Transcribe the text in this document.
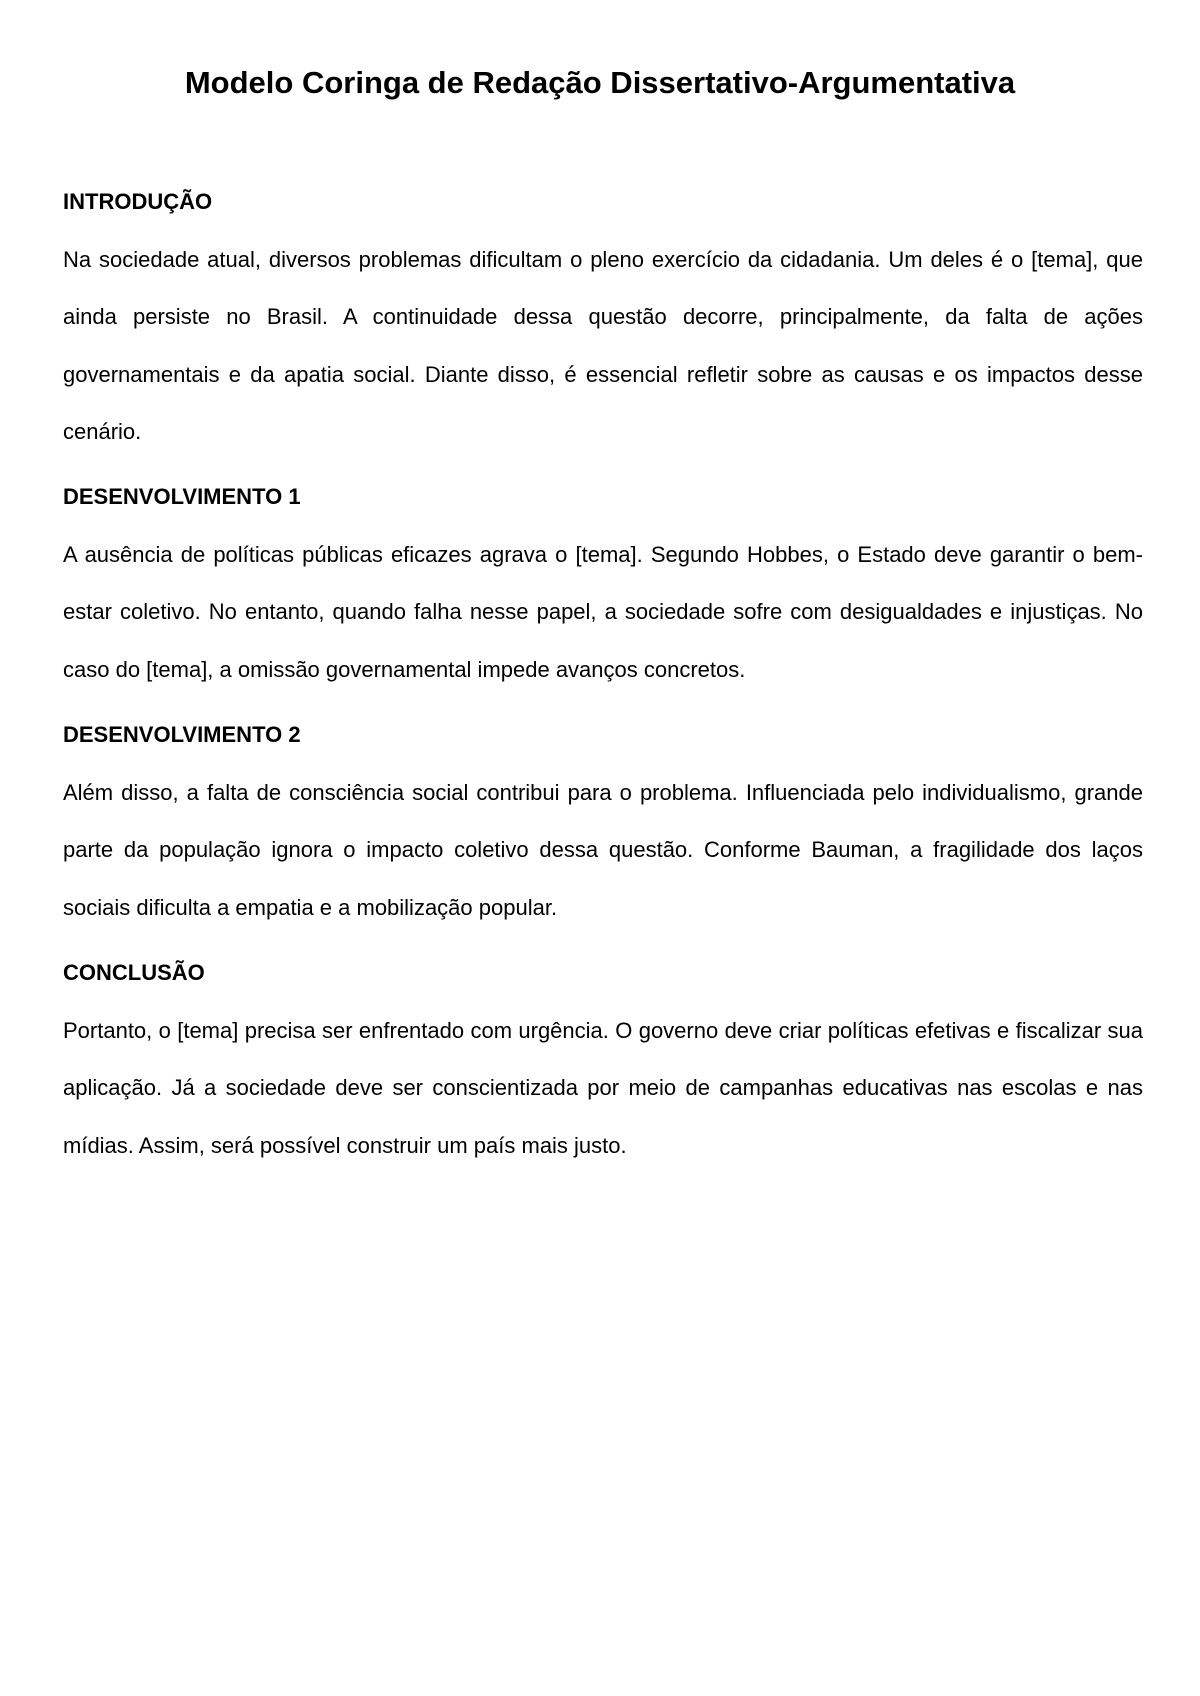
Modelo Coringa de Redação Dissertativo-Argumentativa
INTRODUÇÃO

Na sociedade atual, diversos problemas dificultam o pleno exercício da cidadania. Um deles é o [tema], que ainda persiste no Brasil. A continuidade dessa questão decorre, principalmente, da falta de ações governamentais e da apatia social. Diante disso, é essencial refletir sobre as causas e os impactos desse cenário.

DESENVOLVIMENTO 1

A ausência de políticas públicas eficazes agrava o [tema]. Segundo Hobbes, o Estado deve garantir o bem-estar coletivo. No entanto, quando falha nesse papel, a sociedade sofre com desigualdades e injustiças. No caso do [tema], a omissão governamental impede avanços concretos.

DESENVOLVIMENTO 2

Além disso, a falta de consciência social contribui para o problema. Influenciada pelo individualismo, grande parte da população ignora o impacto coletivo dessa questão. Conforme Bauman, a fragilidade dos laços sociais dificulta a empatia e a mobilização popular.

CONCLUSÃO

Portanto, o [tema] precisa ser enfrentado com urgência. O governo deve criar políticas efetivas e fiscalizar sua aplicação. Já a sociedade deve ser conscientizada por meio de campanhas educativas nas escolas e nas mídias. Assim, será possível construir um país mais justo.
